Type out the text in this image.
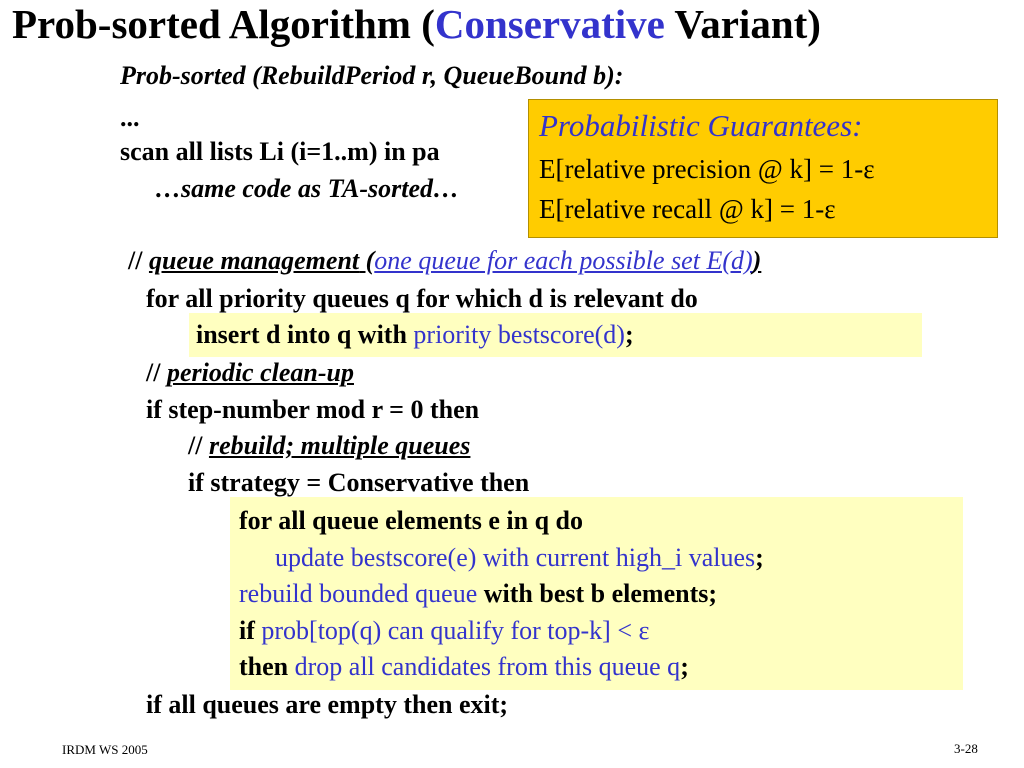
Prob-sorted Algorithm (Conservative Variant)
Prob-sorted (RebuildPeriod r, QueueBound b):
...
scan all lists Li (i=1..m) in pa
…same code as TA-sorted…
Probabilistic Guarantees:
E[relative precision @ k] = 1-ε
E[relative recall @ k] = 1-ε
// queue management (one queue for each possible set E(d))
for all priority queues q for which d is relevant do
insert d into q with priority bestscore(d);
// periodic clean-up
if step-number mod r = 0 then
// rebuild; multiple queues
if strategy = Conservative then
for all queue elements e in q do
update bestscore(e) with current high_i values;
rebuild bounded queue with best b elements;
if prob[top(q) can qualify for top-k] < ε
then drop all candidates from this queue q;
if all queues are empty then exit;
IRDM WS 2005	3-28
